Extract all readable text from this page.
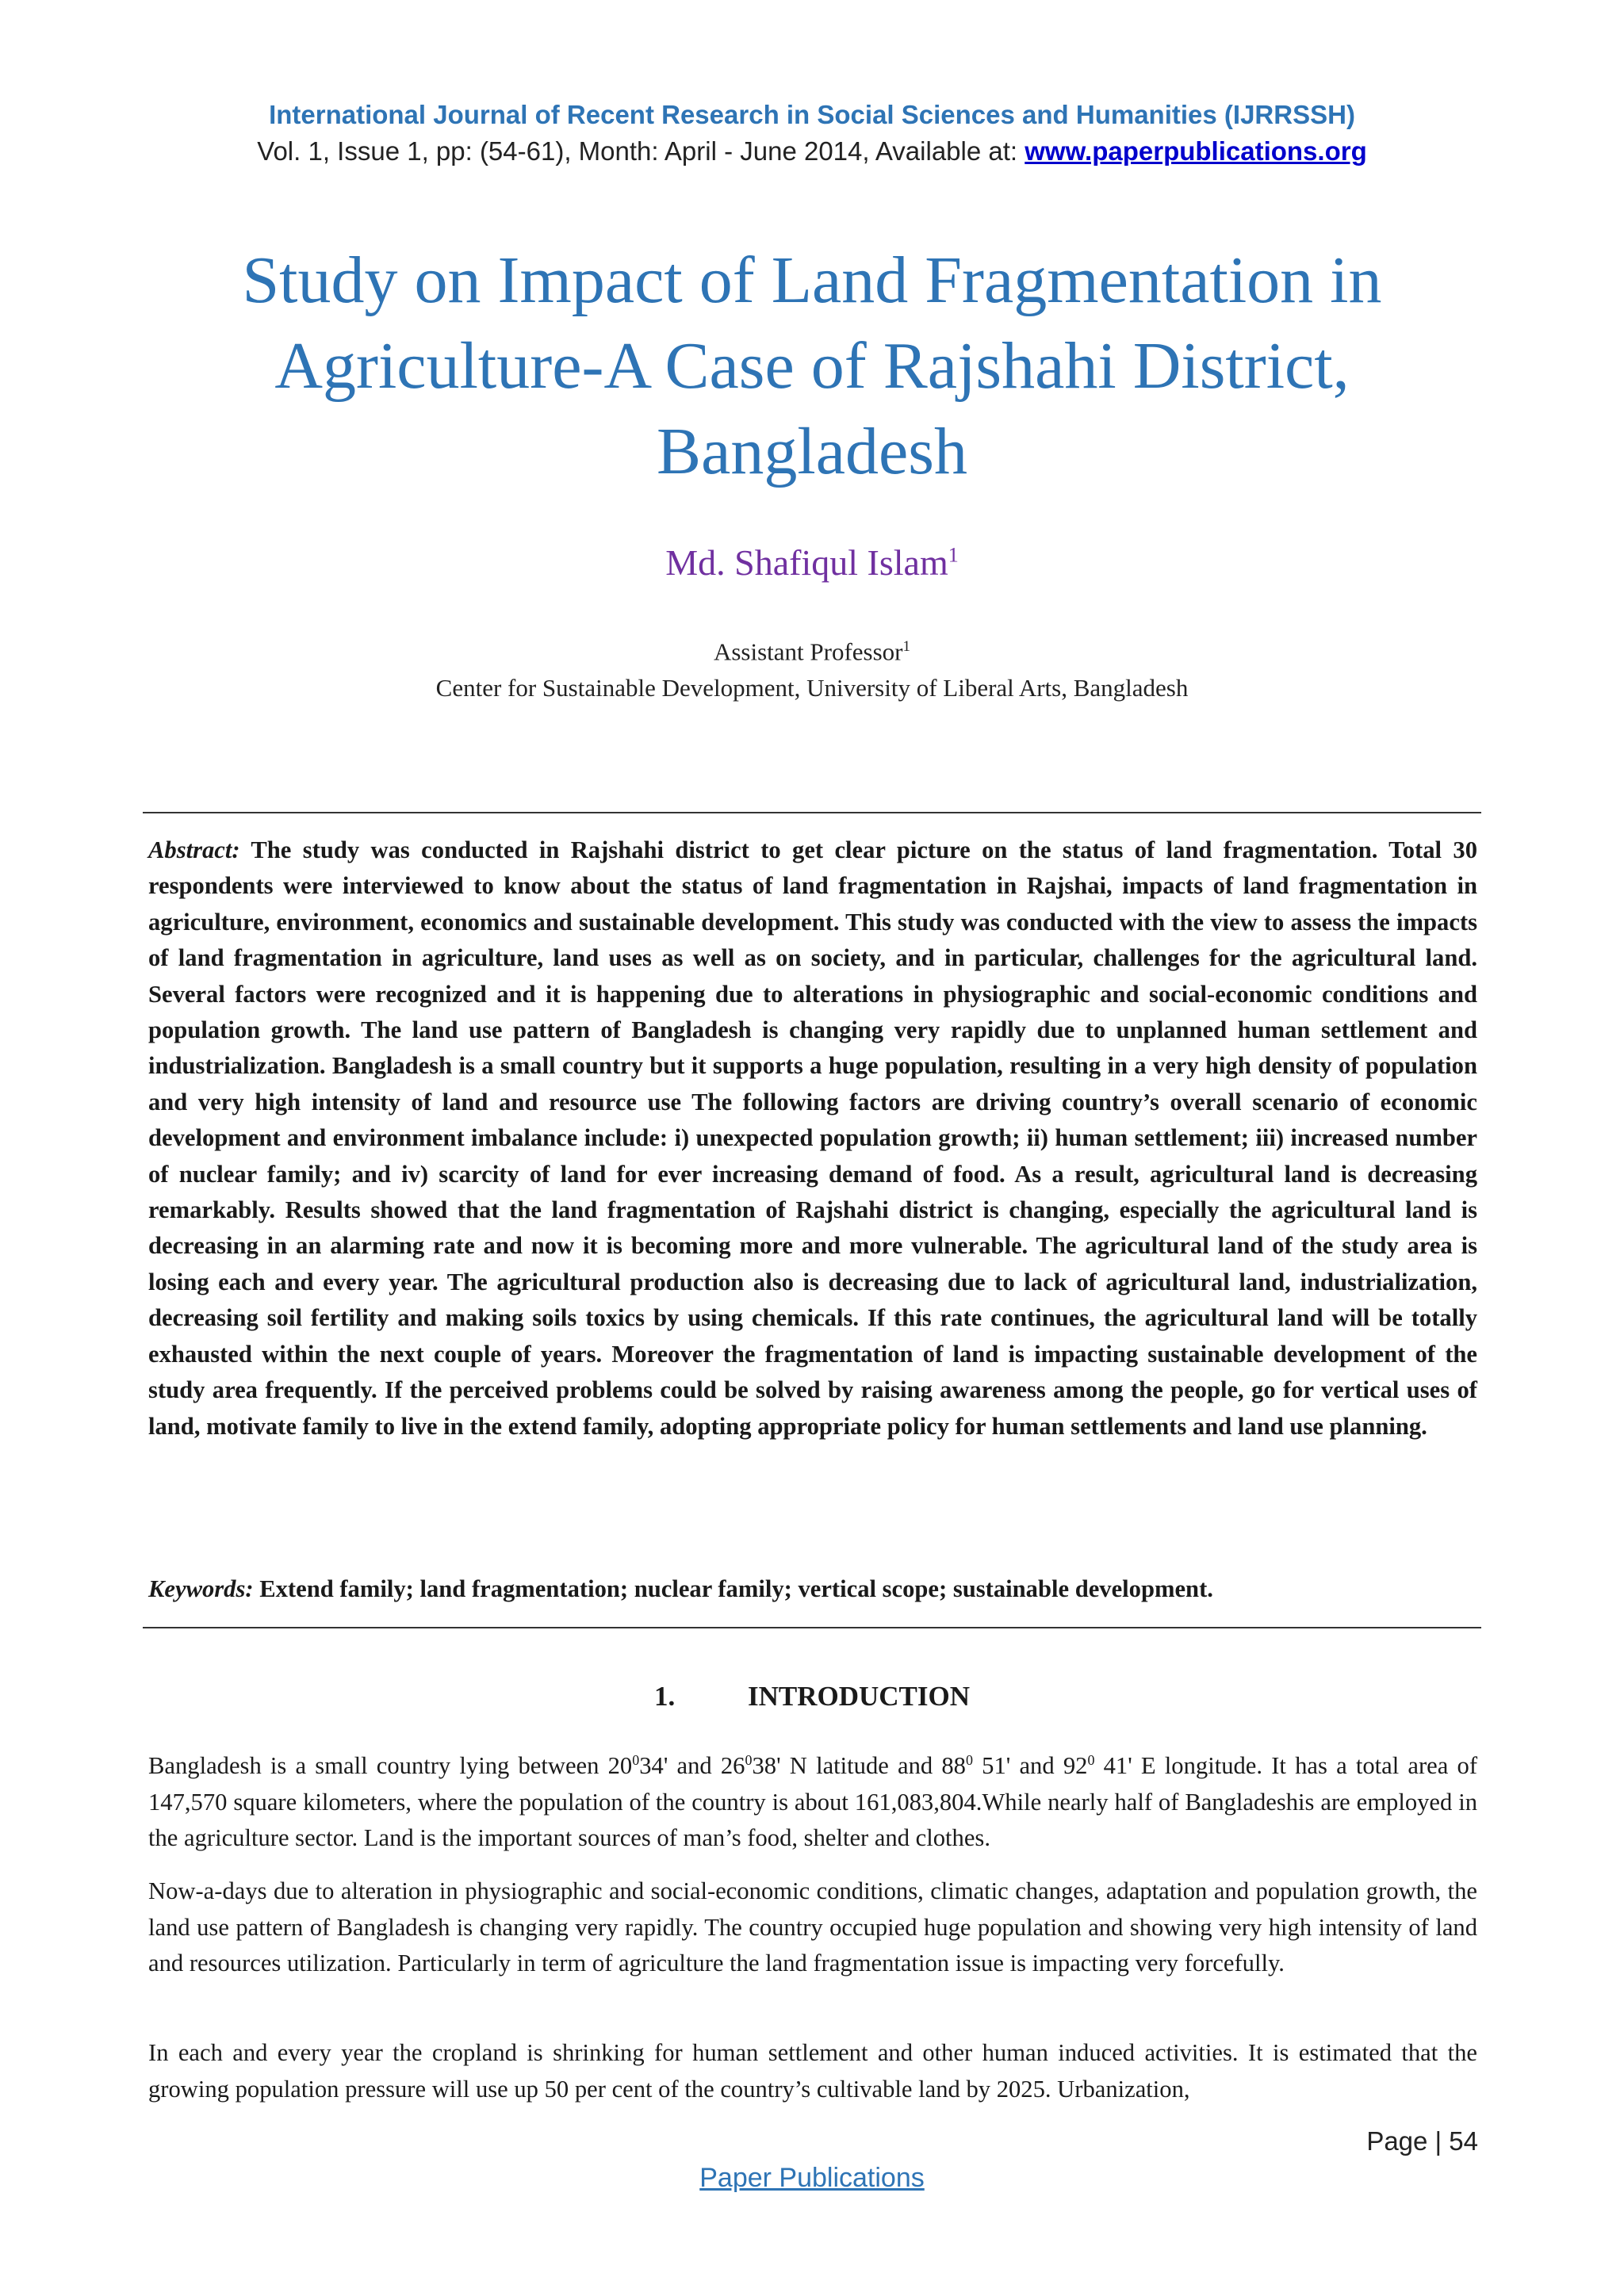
International Journal of Recent Research in Social Sciences and Humanities (IJRRSSH)
Vol. 1, Issue 1, pp: (54-61), Month: April - June 2014, Available at: www.paperpublications.org
Study on Impact of Land Fragmentation in
Agriculture-A Case of Rajshahi District,
Bangladesh
Md. Shafiqul Islam$^1$
Assistant Professor$^1$
Center for Sustainable Development, University of Liberal Arts, Bangladesh
Abstract: The study was conducted in Rajshahi district to get clear picture on the status of land fragmentation. Total 30 respondents were interviewed to know about the status of land fragmentation in Rajshai, impacts of land fragmentation in agriculture, environment, economics and sustainable development. This study was conducted with the view to assess the impacts of land fragmentation in agriculture, land uses as well as on society, and in particular, challenges for the agricultural land. Several factors were recognized and it is happening due to alterations in physiographic and social-economic conditions and population growth. The land use pattern of Bangladesh is changing very rapidly due to unplanned human settlement and industrialization. Bangladesh is a small country but it supports a huge population, resulting in a very high density of population and very high intensity of land and resource use The following factors are driving country’s overall scenario of economic development and environment imbalance include: i) unexpected population growth; ii) human settlement; iii) increased number of nuclear family; and iv) scarcity of land for ever increasing demand of food. As a result, agricultural land is decreasing remarkably. Results showed that the land fragmentation of Rajshahi district is changing, especially the agricultural land is decreasing in an alarming rate and now it is becoming more and more vulnerable. The agricultural land of the study area is losing each and every year. The agricultural production also is decreasing due to lack of agricultural land, industrialization, decreasing soil fertility and making soils toxics by using chemicals. If this rate continues, the agricultural land will be totally exhausted within the next couple of years. Moreover the fragmentation of land is impacting sustainable development of the study area frequently. If the perceived problems could be solved by raising awareness among the people, go for vertical uses of land, motivate family to live in the extend family, adopting appropriate policy for human settlements and land use planning.
Keywords: Extend family; land fragmentation; nuclear family; vertical scope; sustainable development.
1.	INTRODUCTION
Bangladesh is a small country lying between $20^034'$ and $26^038'$ N latitude and $88^0$ 51' and $92^0$ 41' E longitude. It has a total area of 147,570 square kilometers, where the population of the country is about 161,083,804.While nearly half of Bangladeshis are employed in the agriculture sector. Land is the important sources of man’s food, shelter and clothes.
Now-a-days due to alteration in physiographic and social-economic conditions, climatic changes, adaptation and population growth, the land use pattern of Bangladesh is changing very rapidly. The country occupied huge population and showing very high intensity of land and resources utilization. Particularly in term of agriculture the land fragmentation issue is impacting very forcefully.
In each and every year the cropland is shrinking for human settlement and other human induced activities. It is estimated that the growing population pressure will use up 50 per cent of the country’s cultivable land by 2025. Urbanization,
Page | 54
Paper Publications
